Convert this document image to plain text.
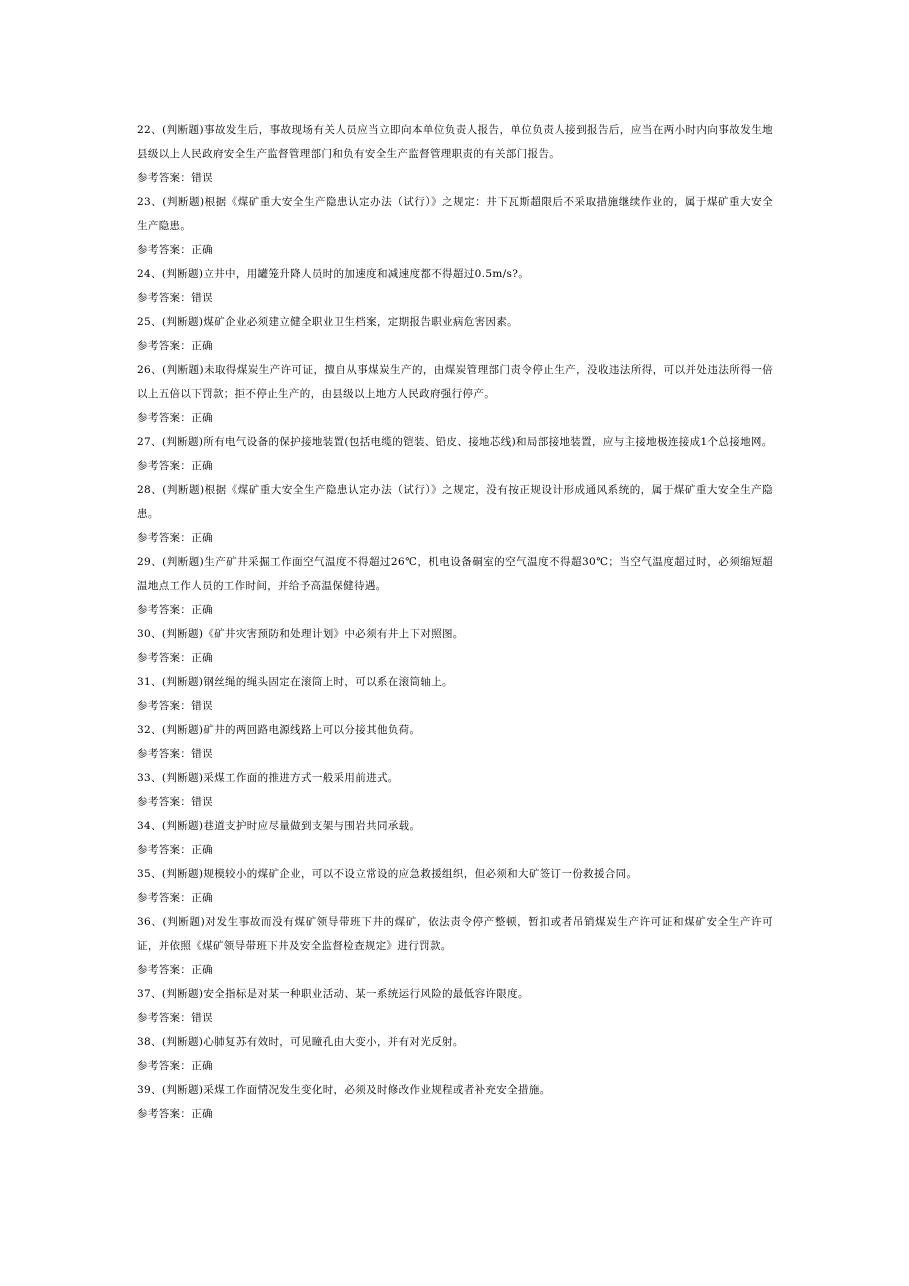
22、(判断题)事故发生后，事故现场有关人员应当立即向本单位负责人报告，单位负责人接到报告后，应当在两小时内向事故发生地县级以上人民政府安全生产监督管理部门和负有安全生产监督管理职责的有关部门报告。

参考答案：错误

23、(判断题)根据《煤矿重大安全生产隐患认定办法（试行）》之规定：井下瓦斯超限后不采取措施继续作业的，属于煤矿重大安全生产隐患。

参考答案：正确

24、(判断题)立井中，用罐笼升降人员时的加速度和减速度都不得超过0.5m/s?。

参考答案：错误

25、(判断题)煤矿企业必须建立健全职业卫生档案，定期报告职业病危害因素。

参考答案：正确

26、(判断题)未取得煤炭生产许可证，擅自从事煤炭生产的，由煤炭管理部门责令停止生产，没收违法所得，可以并处违法所得一倍以上五倍以下罚款；拒不停止生产的，由县级以上地方人民政府强行停产。

参考答案：正确

27、(判断题)所有电气设备的保护接地装置(包括电缆的铠装、铅皮、接地芯线)和局部接地装置，应与主接地极连接成1个总接地网。

参考答案：正确

28、(判断题)根据《煤矿重大安全生产隐患认定办法（试行）》之规定，没有按正规设计形成通风系统的，属于煤矿重大安全生产隐患。

参考答案：正确

29、(判断题)生产矿井采掘工作面空气温度不得超过26℃，机电设备硐室的空气温度不得超30℃；当空气温度超过时，必须缩短超温地点工作人员的工作时间，并给予高温保健待遇。

参考答案：正确

30、(判断题)《矿井灾害预防和处理计划》中必须有井上下对照图。

参考答案：正确

31、(判断题)钢丝绳的绳头固定在滚筒上时，可以系在滚筒轴上。

参考答案：错误

32、(判断题)矿井的两回路电源线路上可以分接其他负荷。

参考答案：错误

33、(判断题)采煤工作面的推进方式一般采用前进式。

参考答案：错误

34、(判断题)巷道支护时应尽量做到支架与围岩共同承载。

参考答案：正确

35、(判断题)规模较小的煤矿企业，可以不设立常设的应急救援组织，但必须和大矿签订一份救援合同。

参考答案：正确

36、(判断题)对发生事故而没有煤矿领导带班下井的煤矿，依法责令停产整顿，暂扣或者吊销煤炭生产许可证和煤矿安全生产许可证，并依照《煤矿领导带班下井及安全监督检查规定》进行罚款。

参考答案：正确

37、(判断题)安全指标是对某一种职业活动、某一系统运行风险的最低容许限度。

参考答案：错误

38、(判断题)心肺复苏有效时，可见瞳孔由大变小，并有对光反射。

参考答案：正确

39、(判断题)采煤工作面情况发生变化时，必须及时修改作业规程或者补充安全措施。

参考答案：正确
